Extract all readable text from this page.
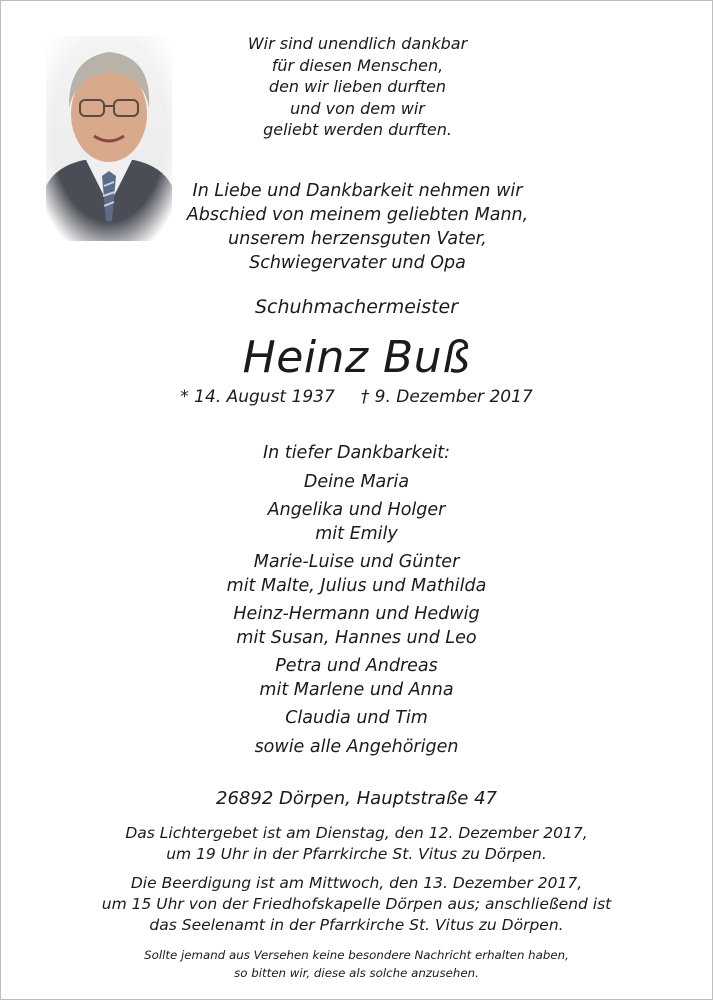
Wir sind unendlich dankbar
für diesen Menschen,
den wir lieben durften
und von dem wir
geliebt werden durften.
In Liebe und Dankbarkeit nehmen wir
Abschied von meinem geliebten Mann,
unserem herzensguten Vater,
Schwiegervater und Opa
Schuhmachermeister
Heinz Buß
* 14. August 1937 † 9. Dezember 2017
In tiefer Dankbarkeit:
Deine Maria
Angelika und Holger
mit Emily
Marie-Luise und Günter
mit Malte, Julius und Mathilda
Heinz-Hermann und Hedwig
mit Susan, Hannes und Leo
Petra und Andreas
mit Marlene und Anna
Claudia und Tim
sowie alle Angehörigen
26892 Dörpen, Hauptstraße 47

Das Lichtergebet ist am Dienstag, den 12. Dezember 2017,
um 19 Uhr in der Pfarrkirche St. Vitus zu Dörpen.

Die Beerdigung ist am Mittwoch, den 13. Dezember 2017,
um 15 Uhr von der Friedhofskapelle Dörpen aus; anschließend ist
das Seelenamt in der Pfarrkirche St. Vitus zu Dörpen.

Sollte jemand aus Versehen keine besondere Nachricht erhalten haben,
so bitten wir, diese als solche anzusehen.
